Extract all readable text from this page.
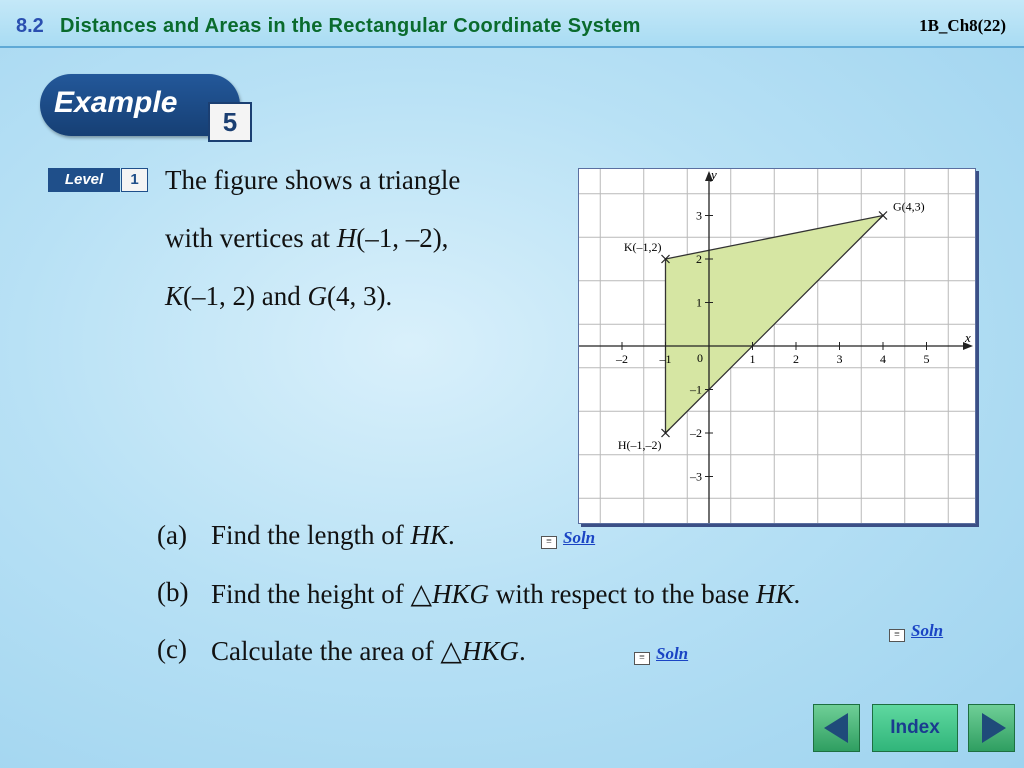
8.2 Distances and Areas in the Rectangular Coordinate System	1B_Ch8(22)
Example
5
Level	1 The figure shows a triangle
with vertices at H(–1, –2),
K(–1, 2) and G(4, 3).
x
y
–2	–1	1	2	3	4	5
3
2
1
–1
–2
–3
0
G(4,3)
K(–1,2)
H(–1,–2)
(a) Find the length of HK.	≡ Soln
(b) Find the height of △HKG with respect to the base HK.
≡ Soln
(c) Calculate the area of △HKG.	≡ Soln
Index
